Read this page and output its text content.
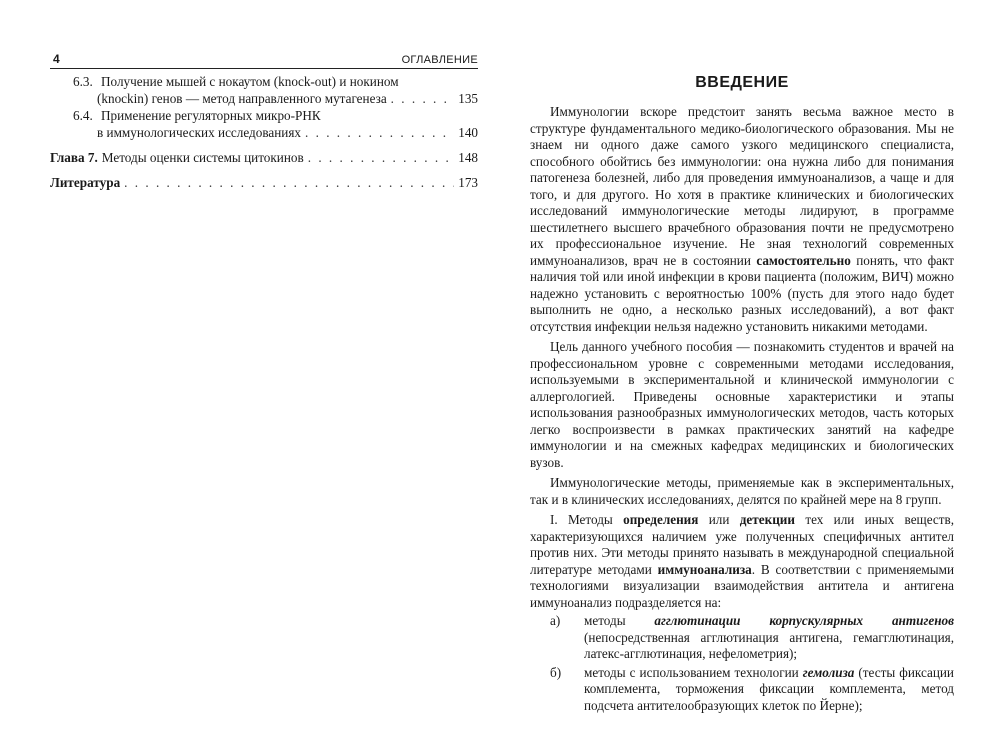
4	ОГЛАВЛЕНИЕ
6.3. Получение мышей с нокаутом (knock-out) и нокином
(knockin) генов — метод направленного мутагенеза . . .	135
6.4. Применение регуляторных микро-РНК
в иммунологических исследованиях . . .	140
Глава 7. Методы оценки системы цитокинов . . .	148
Литература . . .	173
ВВЕДЕНИЕ

Иммунологии вскоре предстоит занять весьма важное место в структуре фундаментального медико-биологического образования. Мы не знаем ни одного даже самого узкого медицинского специалиста, способного обойтись без иммунологии: она нужна либо для понимания патогенеза болезней, либо для проведения иммуноанализов, а чаще и для того, и для другого. Но хотя в практике клинических и биологических исследований иммунологические методы лидируют, в программе шестилетнего высшего врачебного образования почти не предусмотрено их профессиональное изучение. Не зная технологий современных иммуноанализов, врач не в состоянии самостоятельно понять, что факт наличия той или иной инфекции в крови пациента (положим, ВИЧ) можно надежно установить с вероятностью 100% (пусть для этого надо будет выполнить не одно, а несколько разных исследований), а вот факт отсутствия инфекции нельзя надежно установить никакими методами.

Цель данного учебного пособия — познакомить студентов и врачей на профессиональном уровне с современными методами исследования, используемыми в экспериментальной и клинической иммунологии с аллергологией. Приведены основные характеристики и этапы использования разнообразных иммунологических методов, часть которых легко воспроизвести в рамках практических занятий на кафедре иммунологии и на смежных кафедрах медицинских и биологических вузов.

Иммунологические методы, применяемые как в экспериментальных, так и в клинических исследованиях, делятся по крайней мере на 8 групп.

I. Методы определения или детекции тех или иных веществ, характеризующихся наличием уже полученных специфичных антител против них. Эти методы принято называть в международной специальной литературе методами иммуноанализа. В соответствии с применяемыми технологиями визуализации взаимодействия антитела и антигена иммуноанализ подразделяется на:

а)	методы агглютинации корпускулярных антигенов (непосредственная агглютинация антигена, гемагглютинация, латекс-агглютинация, нефелометрия);
б)	методы с использованием технологии гемолиза (тесты фиксации комплемента, торможения фиксации комплемента, метод подсчета антителообразующих клеток по Йерне);
